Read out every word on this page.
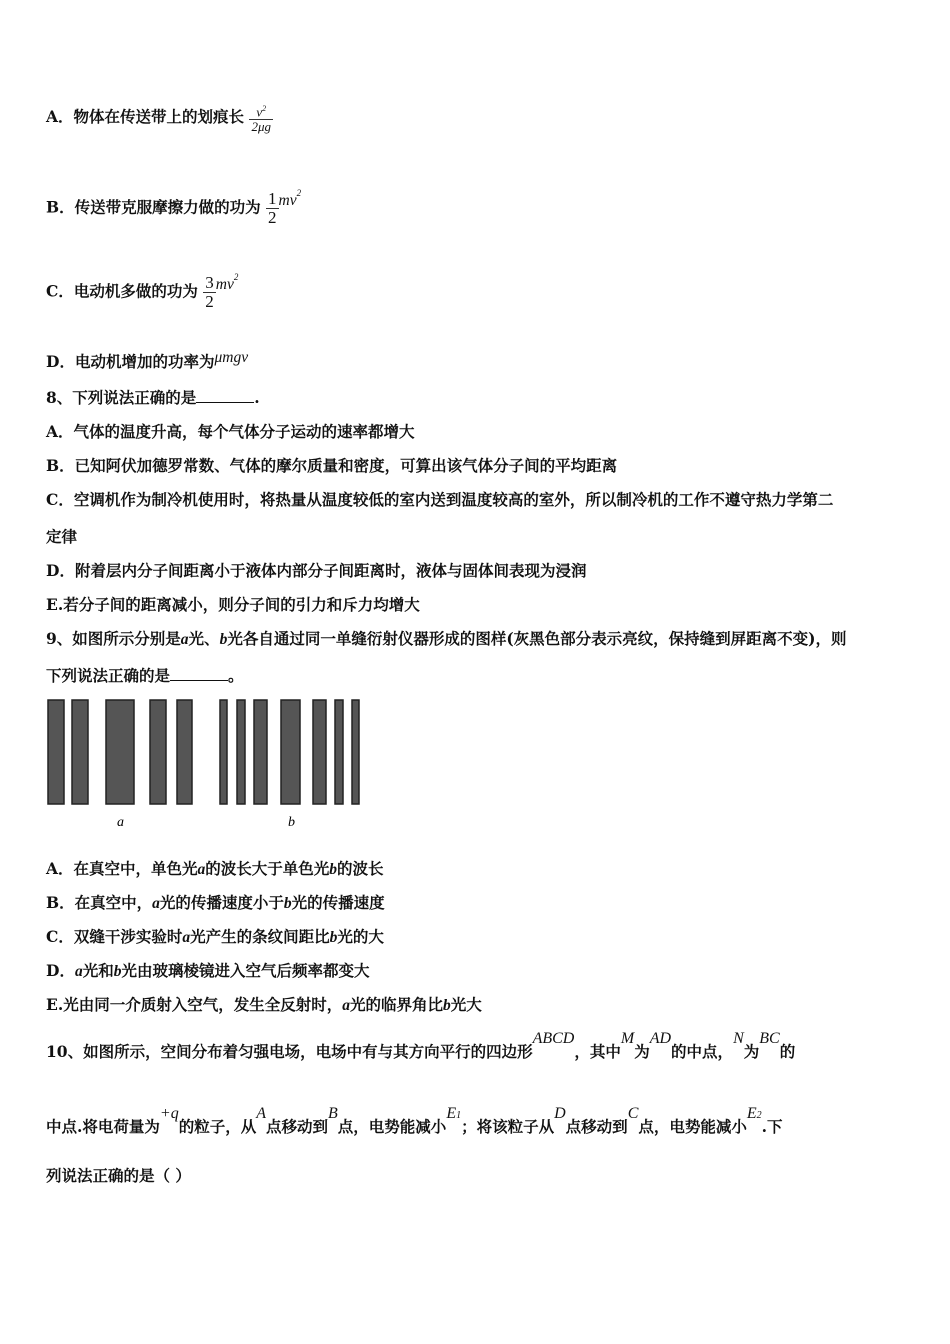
A．物体在传送带上的划痕长 $\frac{v^2}{2\mu g}$
B．传送带克服摩擦力做的功为 $\frac{1}{2} mv^2$
C．电动机多做的功为 $\frac{3}{2} mv^2$
D．电动机增加的功率为μmgv
8、下列说法正确的是	.
A．气体的温度升高，每个气体分子运动的速率都增大
B．已知阿伏加德罗常数、气体的摩尔质量和密度，可算出该气体分子间的平均距离
C．空调机作为制冷机使用时，将热量从温度较低的室内送到温度较高的室外，所以制冷机的工作不遵守热力学第二
定律
D．附着层内分子间距离小于液体内部分子间距离时，液体与固体间表现为浸润
E.若分子间的距离减小，则分子间的引力和斥力均增大
9、如图所示分别是a光、b光各自通过同一单缝衍射仪器形成的图样(灰黑色部分表示亮纹，保持缝到屏距离不变)，则
下列说法正确的是	。
a	b
A．在真空中，单色光a的波长大于单色光b的波长
B．在真空中，a光的传播速度小于b光的传播速度
C．双缝干涉实验时a光产生的条纹间距比b光的大
D．a光和b光由玻璃棱镜进入空气后频率都变大
E.光由同一介质射入空气，发生全反射时，a光的临界角比b光大
10、如图所示，空间分布着匀强电场，电场中有与其方向平行的四边形ABCD，其中M为AD的中点，N为BC的
中点.将电荷量为+q的粒子，从A点移动到B点，电势能减小E1；将该粒子从D点移动到C点，电势能减小E2.下
列说法正确的是（ ）
